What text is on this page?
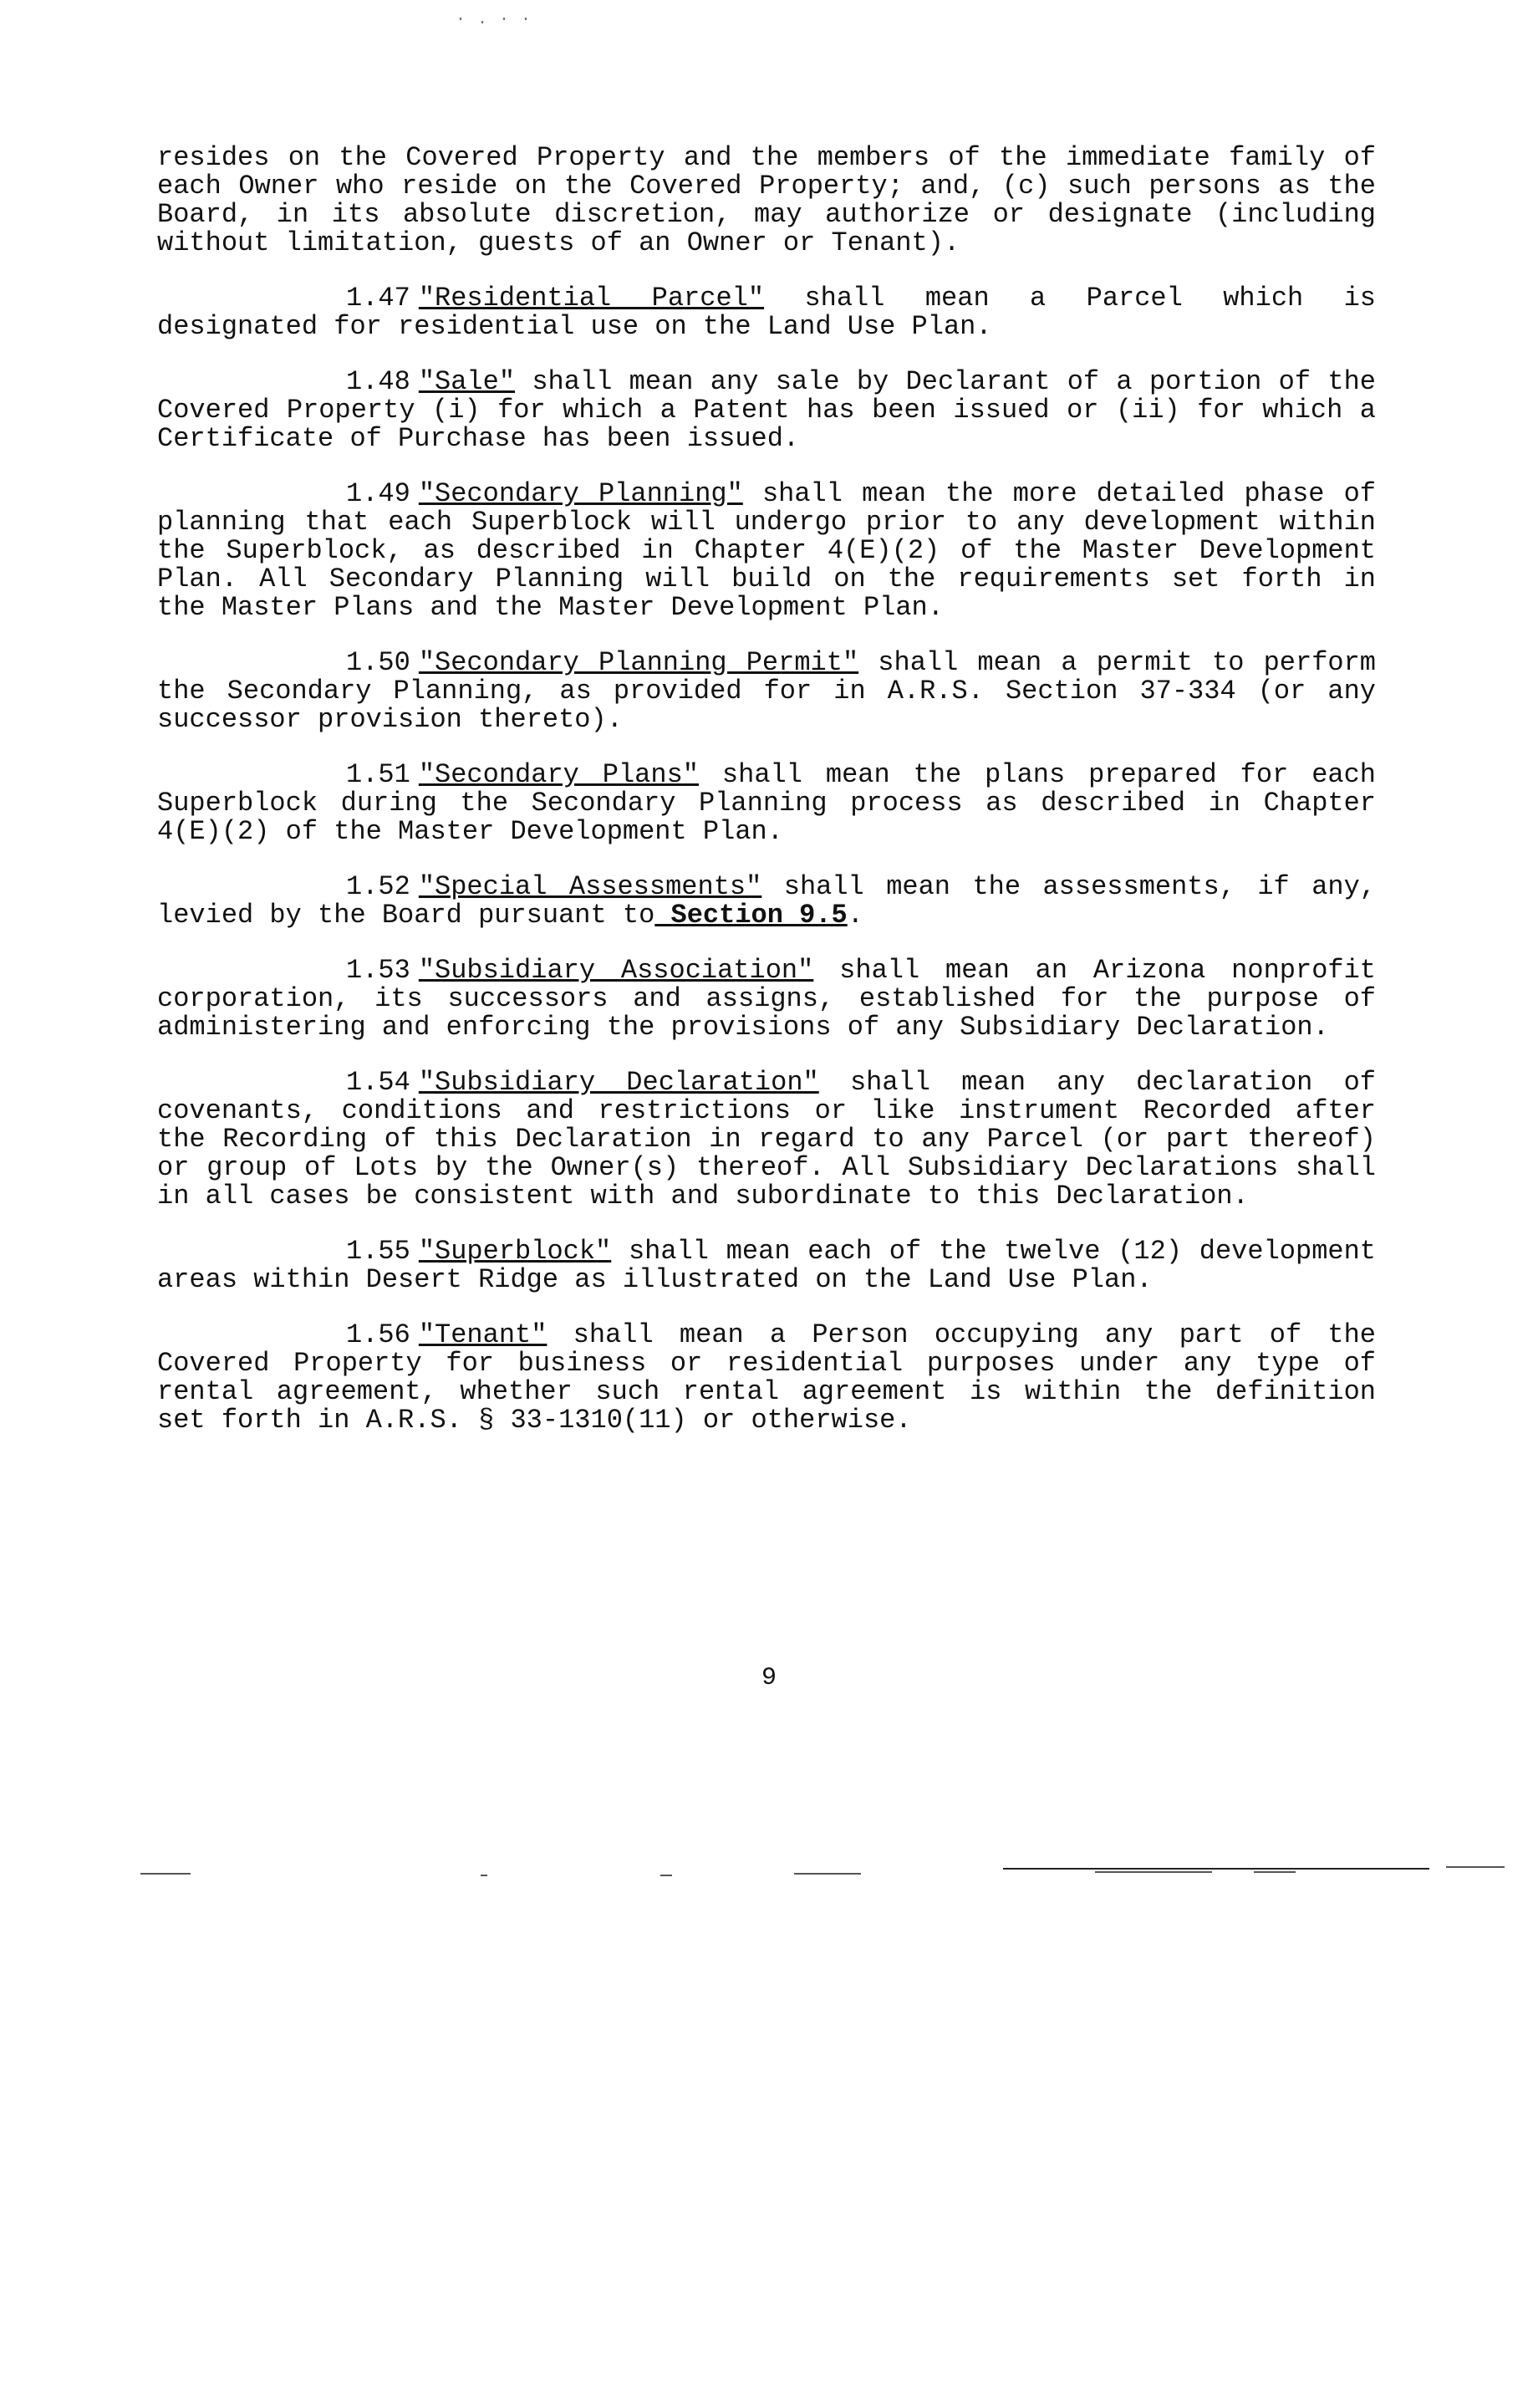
·.··

resides on the Covered Property and the members of the immediate family of each Owner who reside on the Covered Property; and, (c) such persons as the Board, in its absolute discretion, may authorize or designate (including without limitation, guests of an Owner or Tenant).

1.47 "Residential Parcel" shall mean a Parcel which is designated for residential use on the Land Use Plan.

1.48 "Sale" shall mean any sale by Declarant of a portion of the Covered Property (i) for which a Patent has been issued or (ii) for which a Certificate of Purchase has been issued.

1.49 "Secondary Planning" shall mean the more detailed phase of planning that each Superblock will undergo prior to any development within the Superblock, as described in Chapter 4(E)(2) of the Master Development Plan. All Secondary Planning will build on the requirements set forth in the Master Plans and the Master Development Plan.

1.50 "Secondary Planning Permit" shall mean a permit to perform the Secondary Planning, as provided for in A.R.S. Section 37-334 (or any successor provision thereto).

1.51 "Secondary Plans" shall mean the plans prepared for each Superblock during the Secondary Planning process as described in Chapter 4(E)(2) of the Master Development Plan.

1.52 "Special Assessments" shall mean the assessments, if any, levied by the Board pursuant to Section 9.5.

1.53 "Subsidiary Association" shall mean an Arizona nonprofit corporation, its successors and assigns, established for the purpose of administering and enforcing the provisions of any Subsidiary Declaration.

1.54 "Subsidiary Declaration" shall mean any declaration of covenants, conditions and restrictions or like instrument Recorded after the Recording of this Declaration in regard to any Parcel (or part thereof) or group of Lots by the Owner(s) thereof. All Subsidiary Declarations shall in all cases be consistent with and subordinate to this Declaration.

1.55 "Superblock" shall mean each of the twelve (12) development areas within Desert Ridge as illustrated on the Land Use Plan.

1.56 "Tenant" shall mean a Person occupying any part of the Covered Property for business or residential purposes under any type of rental agreement, whether such rental agreement is within the definition set forth in A.R.S. § 33-1310(11) or otherwise.

9
